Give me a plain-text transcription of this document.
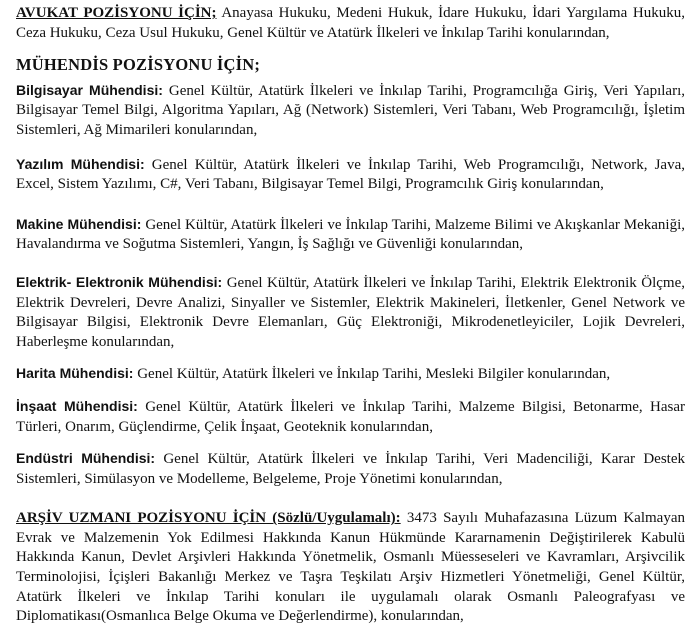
AVUKAT POZİSYONU İÇİN; Anayasa Hukuku, Medeni Hukuk, İdare Hukuku, İdari Yargılama Hukuku, Ceza Hukuku, Ceza Usul Hukuku, Genel Kültür ve Atatürk İlkeleri ve İnkılap Tarihi konularından,

MÜHENDİS POZİSYONU İÇİN;

Bilgisayar Mühendisi: Genel Kültür, Atatürk İlkeleri ve İnkılap Tarihi, Programcılığa Giriş, Veri Yapıları, Bilgisayar Temel Bilgi, Algoritma Yapıları, Ağ (Network) Sistemleri, Veri Tabanı, Web Programcılığı, İşletim Sistemleri, Ağ Mimarileri konularından,

Yazılım Mühendisi: Genel Kültür, Atatürk İlkeleri ve İnkılap Tarihi, Web Programcılığı, Network, Java, Excel, Sistem Yazılımı, C#, Veri Tabanı, Bilgisayar Temel Bilgi, Programcılık Giriş konularından,

Makine Mühendisi: Genel Kültür, Atatürk İlkeleri ve İnkılap Tarihi, Malzeme Bilimi ve Akışkanlar Mekaniği, Havalandırma ve Soğutma Sistemleri, Yangın, İş Sağlığı ve Güvenliği konularından,

Elektrik- Elektronik Mühendisi: Genel Kültür, Atatürk İlkeleri ve İnkılap Tarihi, Elektrik Elektronik Ölçme, Elektrik Devreleri, Devre Analizi, Sinyaller ve Sistemler, Elektrik Makineleri, İletkenler, Genel Network ve Bilgisayar Bilgisi, Elektronik Devre Elemanları, Güç Elektroniği, Mikrodenetleyiciler, Lojik Devreleri, Haberleşme konularından,

Harita Mühendisi: Genel Kültür, Atatürk İlkeleri ve İnkılap Tarihi, Mesleki Bilgiler konularından,

İnşaat Mühendisi: Genel Kültür, Atatürk İlkeleri ve İnkılap Tarihi, Malzeme Bilgisi, Betonarme, Hasar Türleri, Onarım, Güçlendirme, Çelik İnşaat, Geoteknik konularından,

Endüstri Mühendisi: Genel Kültür, Atatürk İlkeleri ve İnkılap Tarihi, Veri Madenciliği, Karar Destek Sistemleri, Simülasyon ve Modelleme, Belgeleme, Proje Yönetimi konularından,

ARŞİV UZMANI POZİSYONU İÇİN (Sözlü/Uygulamalı): 3473 Sayılı Muhafazasına Lüzum Kalmayan Evrak ve Malzemenin Yok Edilmesi Hakkında Kanun Hükmünde Kararnamenin Değiştirilerek Kabulü Hakkında Kanun, Devlet Arşivleri Hakkında Yönetmelik, Osmanlı Müesseseleri ve Kavramları, Arşivcilik Terminolojisi, İçişleri Bakanlığı Merkez ve Taşra Teşkilatı Arşiv Hizmetleri Yönetmeliği, Genel Kültür, Atatürk İlkeleri ve İnkılap Tarihi konuları ile uygulamalı olarak Osmanlı Paleografyası ve Diplomatikası(Osmanlıca Belge Okuma ve Değerlendirme), konularından,
